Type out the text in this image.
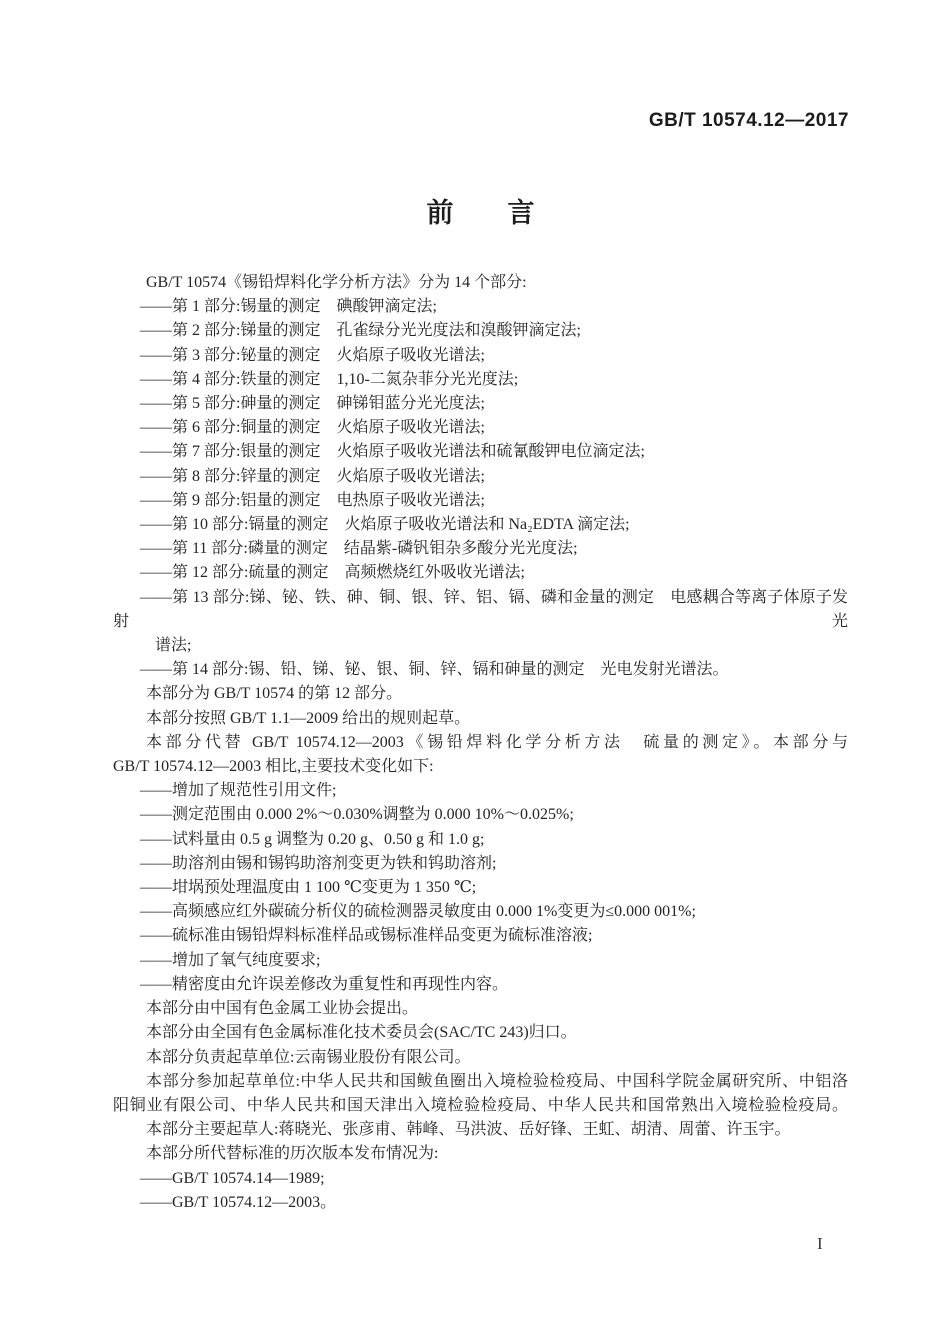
GB/T 10574.12—2017
前　　言
GB/T 10574《锡铅焊料化学分析方法》分为 14 个部分:
——第 1 部分:锡量的测定　碘酸钾滴定法;
——第 2 部分:锑量的测定　孔雀绿分光光度法和溴酸钾滴定法;
——第 3 部分:铋量的测定　火焰原子吸收光谱法;
——第 4 部分:铁量的测定　1,10-二氮杂菲分光光度法;
——第 5 部分:砷量的测定　砷锑钼蓝分光光度法;
——第 6 部分:铜量的测定　火焰原子吸收光谱法;
——第 7 部分:银量的测定　火焰原子吸收光谱法和硫氰酸钾电位滴定法;
——第 8 部分:锌量的测定　火焰原子吸收光谱法;
——第 9 部分:铝量的测定　电热原子吸收光谱法;
——第 10 部分:镉量的测定　火焰原子吸收光谱法和 Na₂EDTA 滴定法;
——第 11 部分:磷量的测定　结晶紫-磷钒钼杂多酸分光光度法;
——第 12 部分:硫量的测定　高频燃烧红外吸收光谱法;
——第 13 部分:锑、铋、铁、砷、铜、银、锌、铝、镉、磷和金量的测定　电感耦合等离子体原子发射光
谱法;
——第 14 部分:锡、铅、锑、铋、银、铜、锌、镉和砷量的测定　光电发射光谱法。
本部分为 GB/T 10574 的第 12 部分。
本部分按照 GB/T 1.1—2009 给出的规则起草。
本部分代替 GB/T 10574.12—2003《锡铅焊料化学分析方法　硫量的测定》。本部分与
GB/T 10574.12—2003 相比,主要技术变化如下:
——增加了规范性引用文件;
——测定范围由 0.000 2%～0.030%调整为 0.000 10%～0.025%;
——试料量由 0.5 g 调整为 0.20 g、0.50 g 和 1.0 g;
——助溶剂由锡和锡钨助溶剂变更为铁和钨助溶剂;
——坩埚预处理温度由 1 100 ℃变更为 1 350 ℃;
——高频感应红外碳硫分析仪的硫检测器灵敏度由 0.000 1%变更为≤0.000 001%;
——硫标准由锡铅焊料标准样品或锡标准样品变更为硫标准溶液;
——增加了氧气纯度要求;
——精密度由允许误差修改为重复性和再现性内容。
本部分由中国有色金属工业协会提出。
本部分由全国有色金属标准化技术委员会(SAC/TC 243)归口。
本部分负责起草单位:云南锡业股份有限公司。
本部分参加起草单位:中华人民共和国鲅鱼圈出入境检验检疫局、中国科学院金属研究所、中铝洛
阳铜业有限公司、中华人民共和国天津出入境检验检疫局、中华人民共和国常熟出入境检验检疫局。
本部分主要起草人:蒋晓光、张彦甫、韩峰、马洪波、岳好锋、王虹、胡清、周蕾、许玉宇。
本部分所代替标准的历次版本发布情况为:
——GB/T 10574.14—1989;
——GB/T 10574.12—2003。
I
